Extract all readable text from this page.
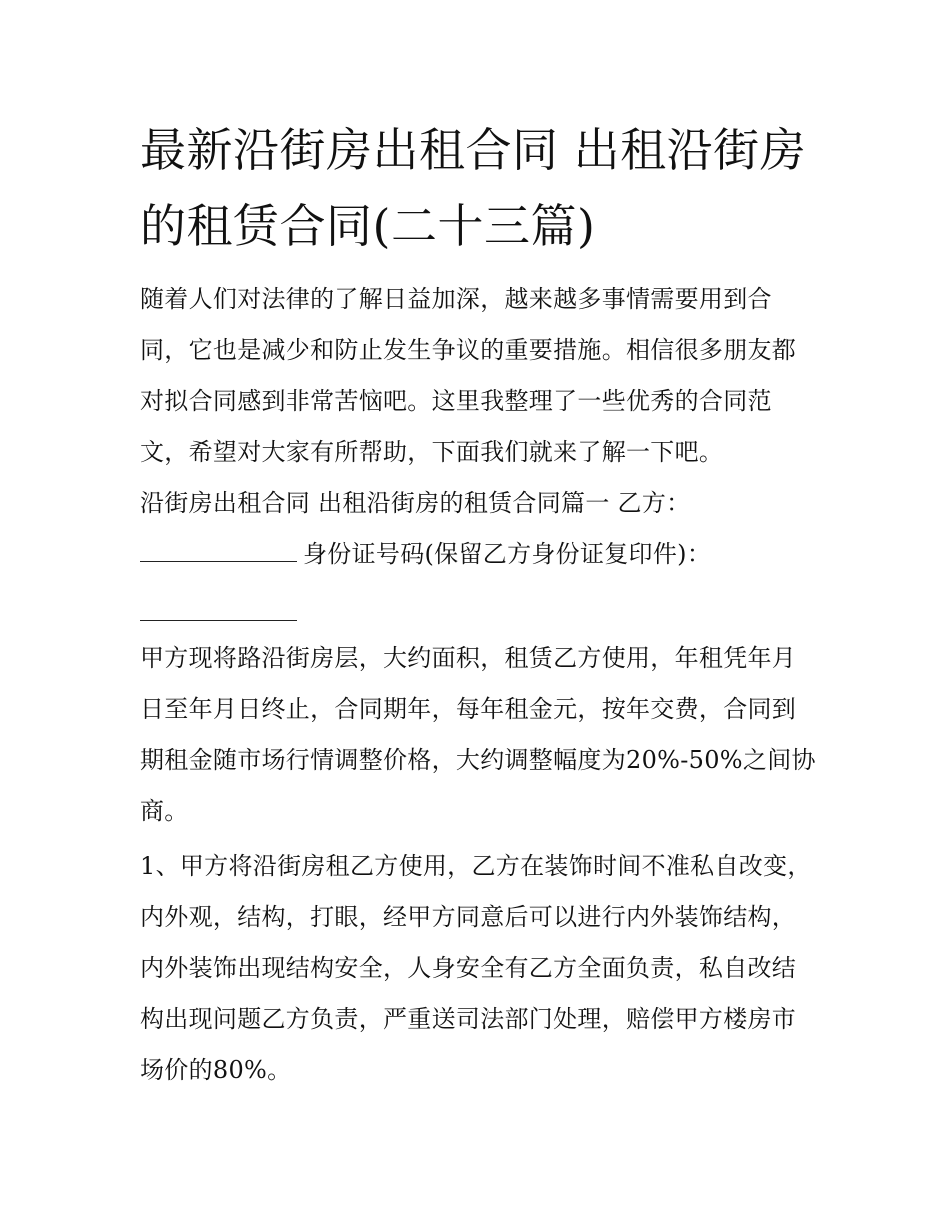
最新沿街房出租合同 出租沿街房的租赁合同(二十三篇)

随着人们对法律的了解日益加深，越来越多事情需要用到合同，它也是减少和防止发生争议的重要措施。相信很多朋友都对拟合同感到非常苦恼吧。这里我整理了一些优秀的合同范文，希望对大家有所帮助，下面我们就来了解一下吧。

沿街房出租合同 出租沿街房的租赁合同篇一 乙方：

身份证号码(保留乙方身份证复印件)：

甲方现将路沿街房层，大约面积，租赁乙方使用，年租凭年月日至年月日终止，合同期年，每年租金元，按年交费，合同到期租金随市场行情调整价格，大约调整幅度为20%-50%之间协商。

1、甲方将沿街房租乙方使用，乙方在装饰时间不准私自改变，内外观，结构，打眼，经甲方同意后可以进行内外装饰结构，内外装饰出现结构安全，人身安全有乙方全面负责，私自改结构出现问题乙方负责，严重送司法部门处理，赔偿甲方楼房市场价的80%。
